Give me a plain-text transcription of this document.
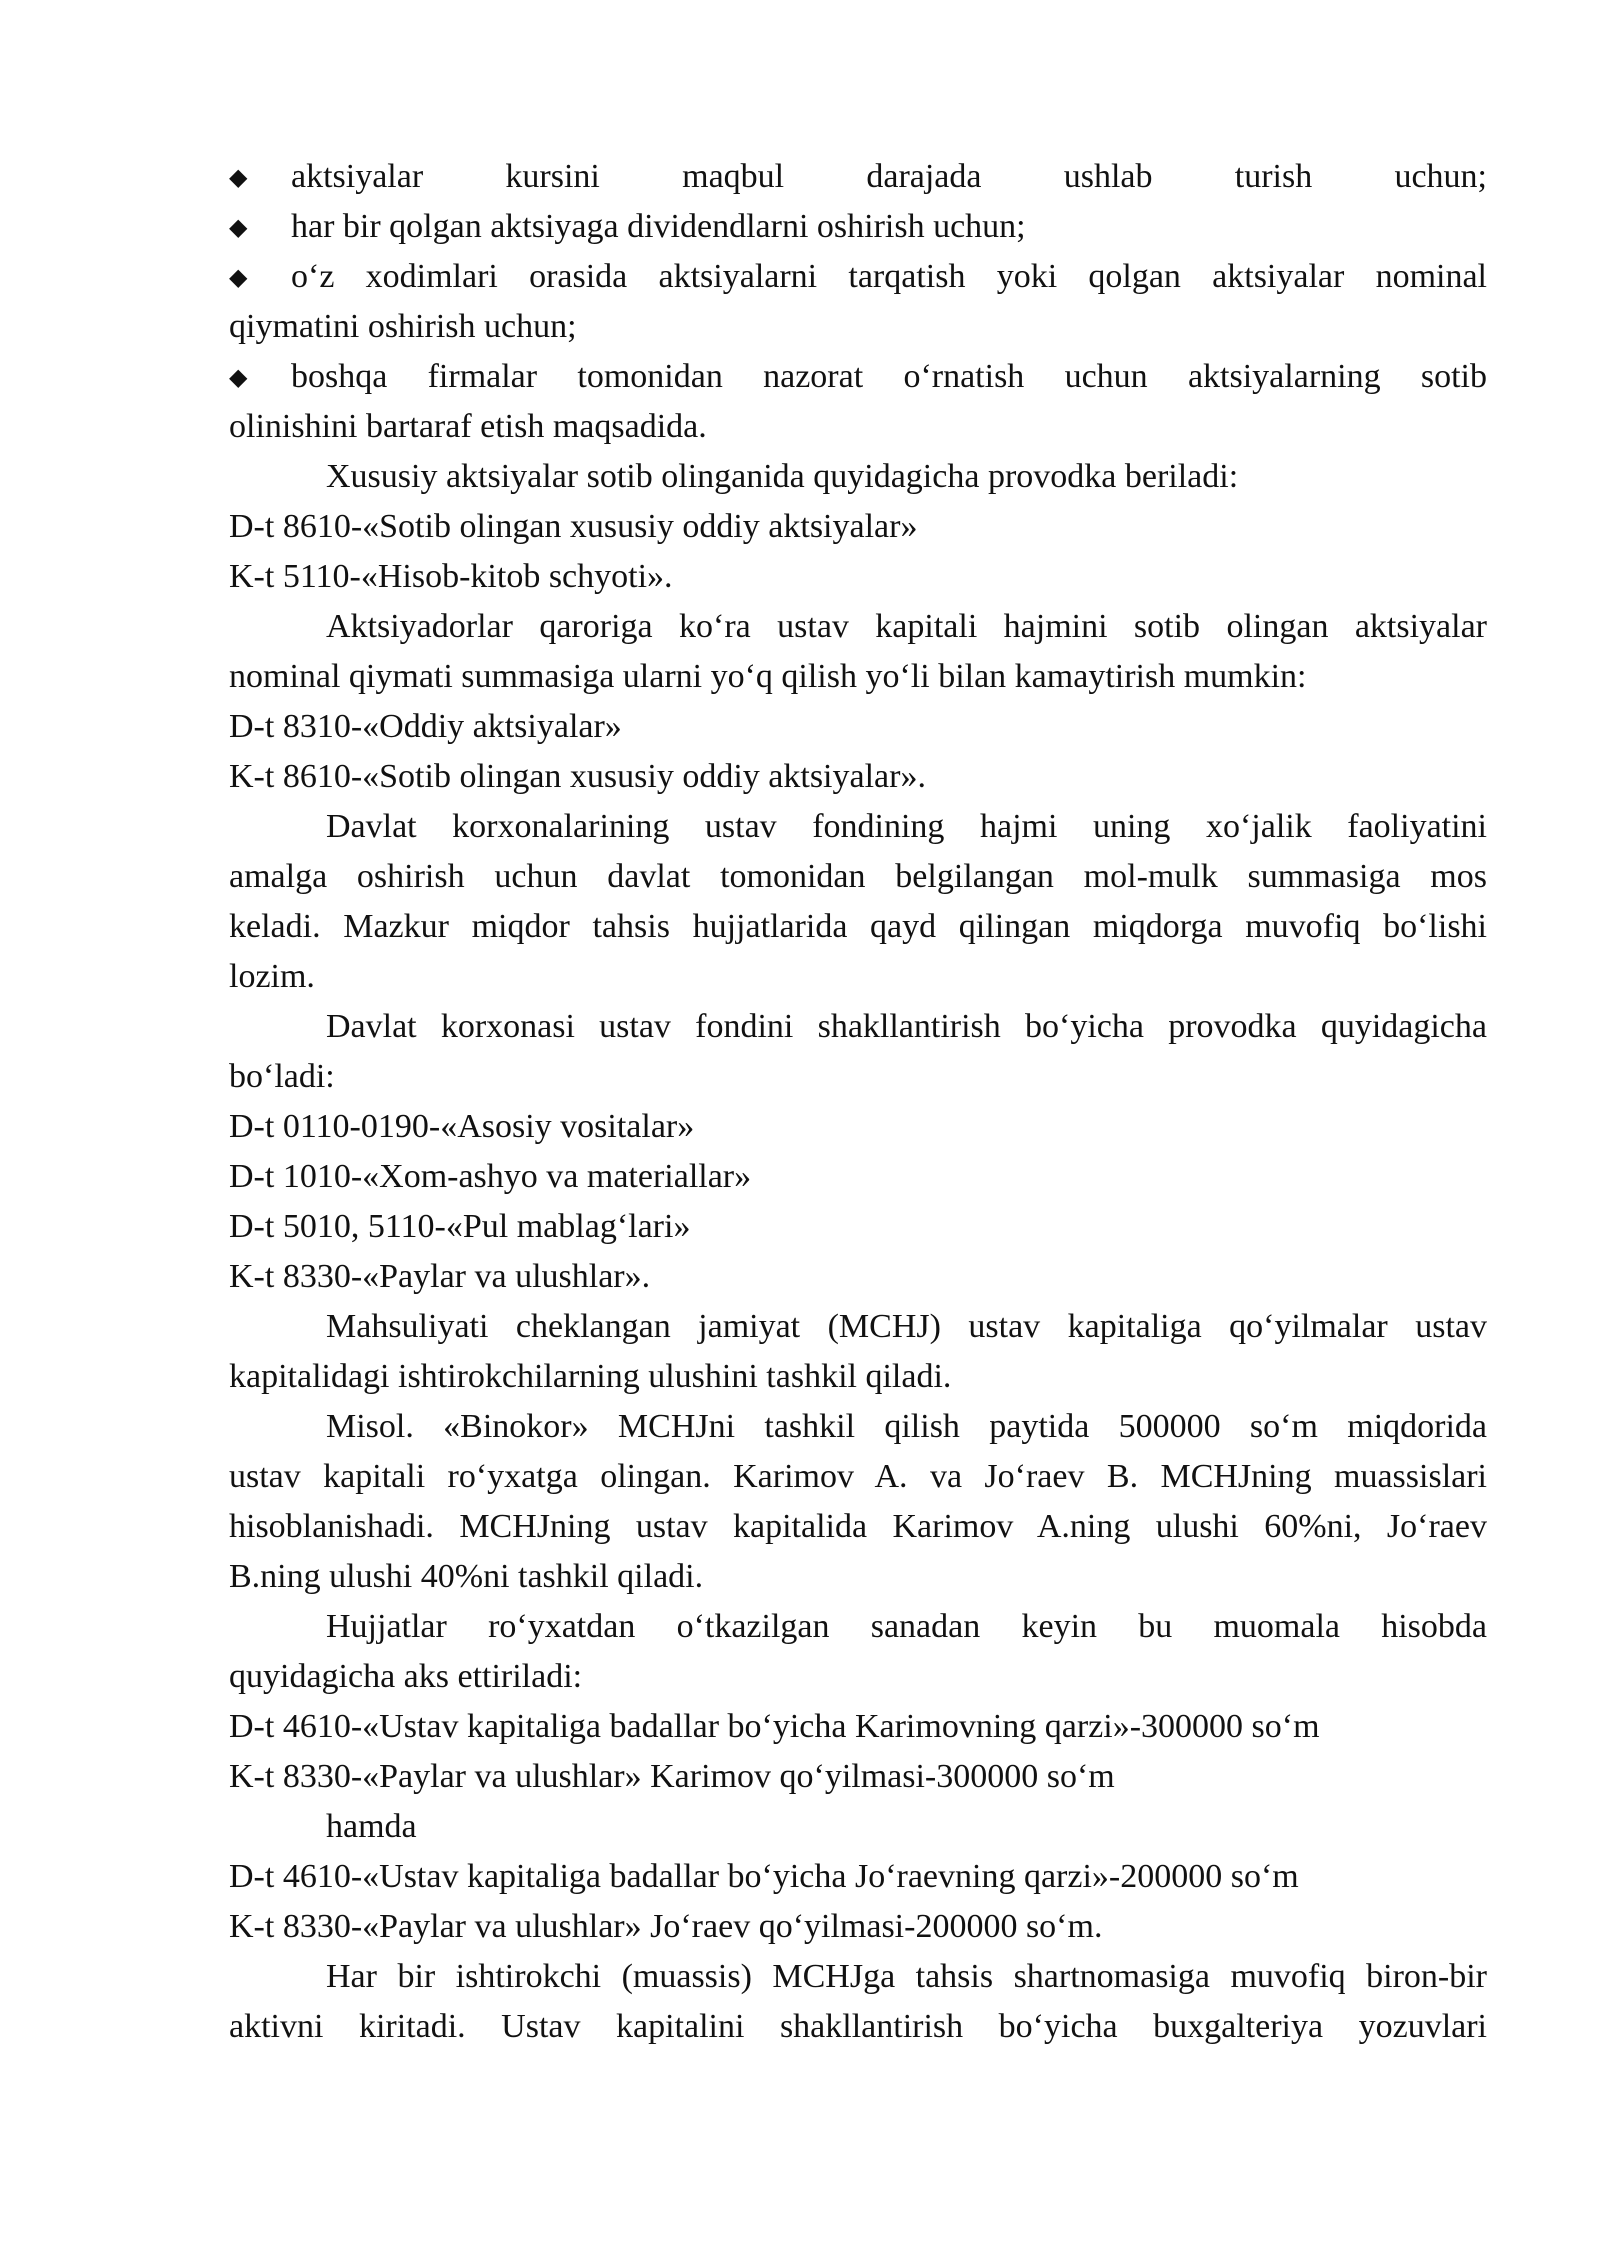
◆ aktsiyalar kursini maqbul darajada ushlab turish uchun;
◆ har bir qolgan aktsiyaga dividendlarni oshirish uchun;
◆ o‘z xodimlari orasida aktsiyalarni tarqatish yoki qolgan aktsiyalar nominal
qiymatini oshirish uchun;
◆ boshqa firmalar tomonidan nazorat o‘rnatish uchun aktsiyalarning sotib
olinishini bartaraf etish maqsadida.
Xususiy aktsiyalar sotib olinganida quyidagicha provodka beriladi:
D-t 8610-«Sotib olingan xususiy oddiy aktsiyalar»
K-t 5110-«Hisob-kitob schyoti».
Aktsiyadorlar qaroriga ko‘ra ustav kapitali hajmini sotib olingan aktsiyalar
nominal qiymati summasiga ularni yo‘q qilish yo‘li bilan kamaytirish mumkin:
D-t 8310-«Oddiy aktsiyalar»
K-t 8610-«Sotib olingan xususiy oddiy aktsiyalar».
Davlat korxonalarining ustav fondining hajmi uning xo‘jalik faoliyatini
amalga oshirish uchun davlat tomonidan belgilangan mol-mulk summasiga mos
keladi. Mazkur miqdor tahsis hujjatlarida qayd qilingan miqdorga muvofiq bo‘lishi
lozim.
Davlat korxonasi ustav fondini shakllantirish bo‘yicha provodka quyidagicha
bo‘ladi:
D-t 0110-0190-«Asosiy vositalar»
D-t 1010-«Xom-ashyo va materiallar»
D-t 5010, 5110-«Pul mablag‘lari»
K-t 8330-«Paylar va ulushlar».
Mahsuliyati cheklangan jamiyat (MCHJ) ustav kapitaliga qo‘yilmalar ustav
kapitalidagi ishtirokchilarning ulushini tashkil qiladi.
Misol. «Binokor» MCHJni tashkil qilish paytida 500000 so‘m miqdorida
ustav kapitali ro‘yxatga olingan. Karimov A. va Jo‘raev B. MCHJning muassislari
hisoblanishadi. MCHJning ustav kapitalida Karimov A.ning ulushi 60%ni, Jo‘raev
B.ning ulushi 40%ni tashkil qiladi.
Hujjatlar ro‘yxatdan o‘tkazilgan sanadan keyin bu muomala hisobda
quyidagicha aks ettiriladi:
D-t 4610-«Ustav kapitaliga badallar bo‘yicha Karimovning qarzi»-300000 so‘m
K-t 8330-«Paylar va ulushlar» Karimov qo‘yilmasi-300000 so‘m
hamda
D-t 4610-«Ustav kapitaliga badallar bo‘yicha Jo‘raevning qarzi»-200000 so‘m
K-t 8330-«Paylar va ulushlar» Jo‘raev qo‘yilmasi-200000 so‘m.
Har bir ishtirokchi (muassis) MCHJga tahsis shartnomasiga muvofiq biron-bir
aktivni kiritadi. Ustav kapitalini shakllantirish bo‘yicha buxgalteriya yozuvlari
